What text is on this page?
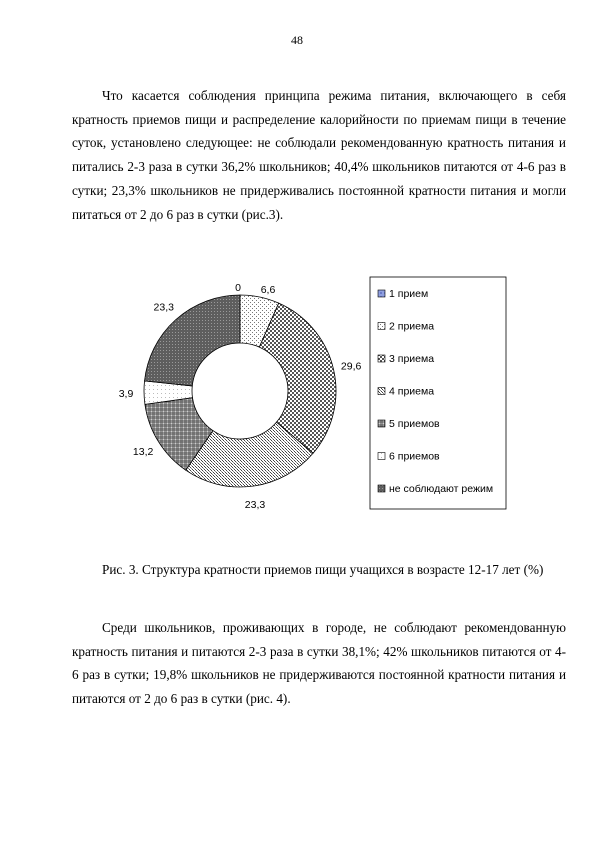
48

Что касается соблюдения принципа режима питания, включающего в себя кратность приемов пищи и распределение калорийности по приемам пищи в течение суток, установлено следующее: не соблюдали рекомендованную кратность питания и питались 2-3 раза в сутки 36,2% школьников; 40,4% школьников питаются от 4-6 раз в сутки; 23,3% школьников не придерживались постоянной кратности питания и могли питаться от 2 до 6 раз в сутки (рис.3).

0 6,6
29,6
23,3
13,2
3,9
23,3
1 прием
2 приема
3 приема
4 приема
5 приемов
6 приемов
не соблюдают режим

Рис. 3. Структура кратности приемов пищи учащихся в возрасте 12-17 лет (%)

Среди школьников, проживающих в городе, не соблюдают рекомендованную кратность питания и питаются 2-3 раза в сутки 38,1%; 42% школьников питаются от 4-6 раз в сутки; 19,8% школьников не придерживаются постоянной кратности питания и питаются от 2 до 6 раз в сутки (рис. 4).
